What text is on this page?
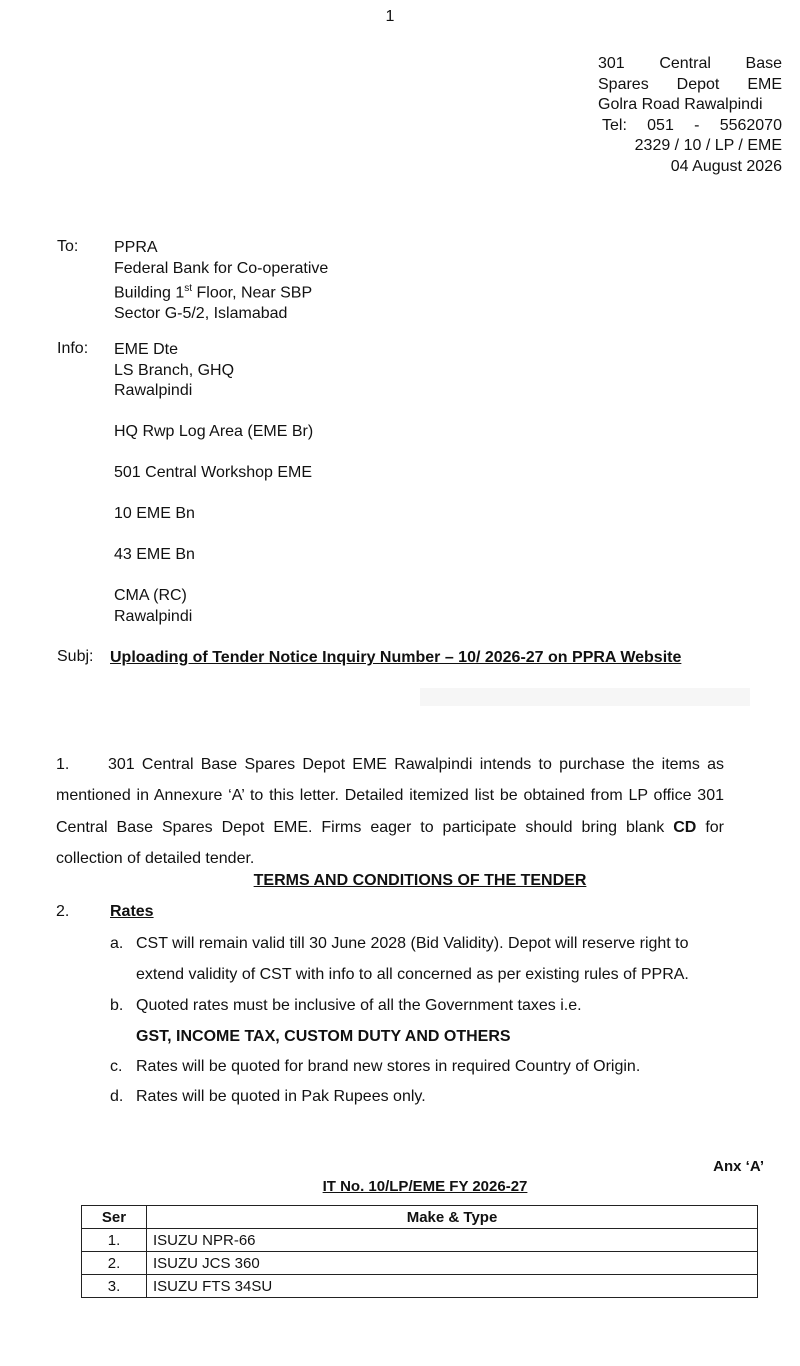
1
301 Central Base
Spares Depot EME
Golra Road Rawalpindi
Tel: 051 - 5562070
2329 / 10 / LP / EME
04 August 2026
To: PPRA
Federal Bank for Co-operative
Building 1st Floor, Near SBP
Sector G-5/2, Islamabad
Info: EME Dte
LS Branch, GHQ
Rawalpindi
HQ Rwp Log Area (EME Br)
501 Central Workshop EME
10 EME Bn
43 EME Bn
CMA (RC)
Rawalpindi
Subj: Uploading of Tender Notice Inquiry Number – 10/ 2026-27 on PPRA Website
1. 301 Central Base Spares Depot EME Rawalpindi intends to purchase the items as mentioned in Annexure ‘A’ to this letter. Detailed itemized list be obtained from LP office 301 Central Base Spares Depot EME. Firms eager to participate should bring blank CD for collection of detailed tender.
TERMS AND CONDITIONS OF THE TENDER
2.	Rates
a. CST will remain valid till 30 June 2028 (Bid Validity). Depot will reserve right to
extend validity of CST with info to all concerned as per existing rules of PPRA.
b. Quoted rates must be inclusive of all the Government taxes i.e.
GST, INCOME TAX, CUSTOM DUTY AND OTHERS
c. Rates will be quoted for brand new stores in required Country of Origin.
d. Rates will be quoted in Pak Rupees only.
Anx ‘A’
IT No. 10/LP/EME FY 2026-27
Ser	Make & Type
1.	ISUZU NPR-66
2.	ISUZU JCS 360
3.	ISUZU FTS 34SU
